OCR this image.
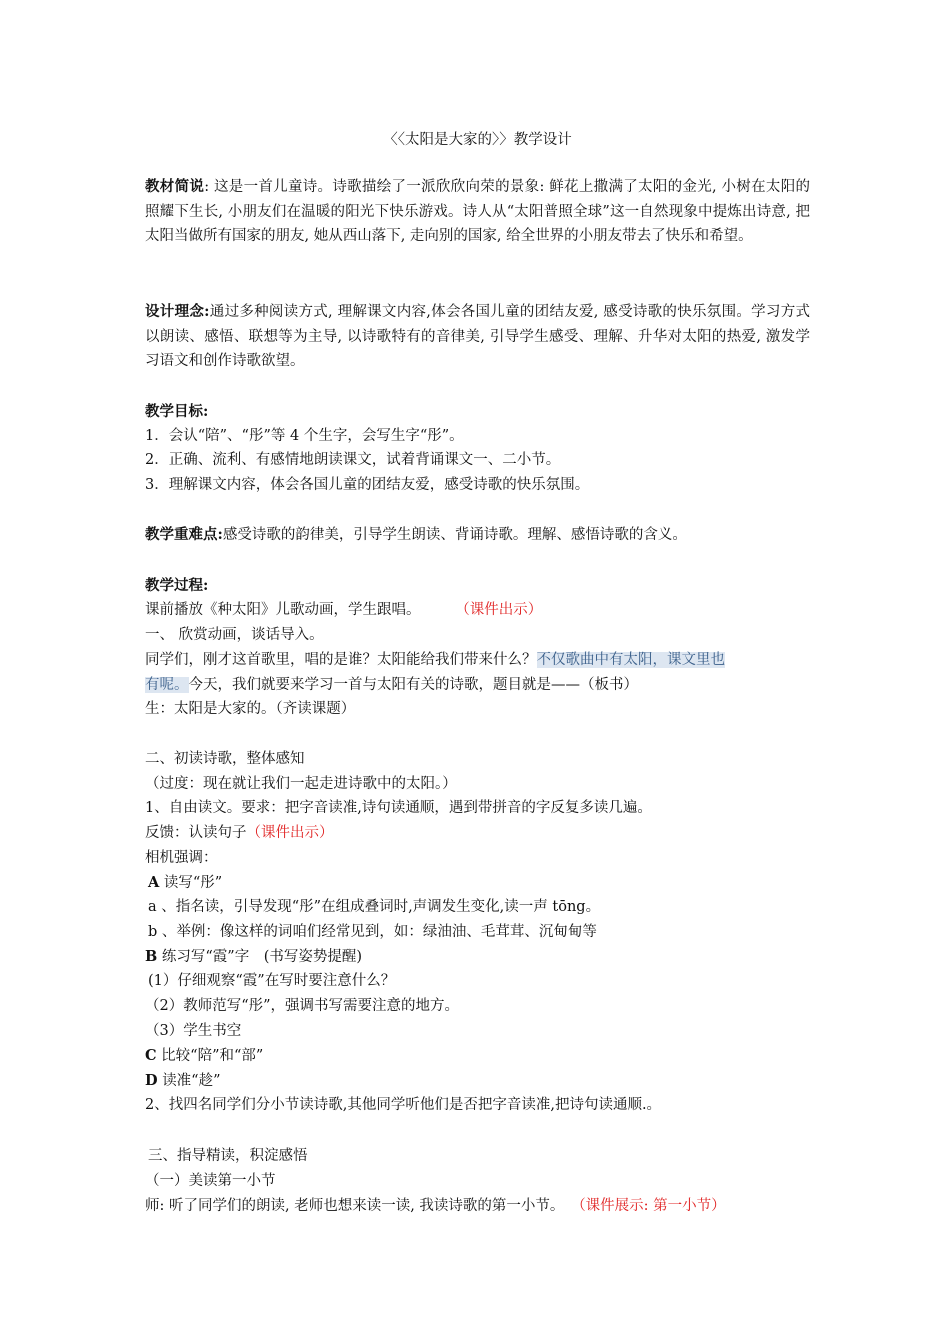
〈〈太阳是大家的〉〉教学设计
教材简说: 这是一首儿童诗。诗歌描绘了一派欣欣向荣的景象: 鲜花上撒满了太阳的金光, 小树在太阳的照耀下生长, 小朋友们在温暖的阳光下快乐游戏。诗人从“太阳普照全球”这一自然现象中提炼出诗意, 把太阳当做所有国家的朋友, 她从西山落下, 走向别的国家, 给全世界的小朋友带去了快乐和希望。
设计理念:通过多种阅读方式, 理解课文内容,体会各国儿童的团结友爱, 感受诗歌的快乐氛围。学习方式以朗读、感悟、联想等为主导, 以诗歌特有的音律美, 引导学生感受、理解、升华对太阳的热爱, 激发学习语文和创作诗歌欲望。
教学目标:
1．会认“陪”、“彤”等 4 个生字，会写生字“彤”。
2．正确、流利、有感情地朗读课文，试着背诵课文一、二小节。
3．理解课文内容，体会各国儿童的团结友爱，感受诗歌的快乐氛围。
教学重难点:感受诗歌的韵律美，引导学生朗读、背诵诗歌。理解、感悟诗歌的含义。
教学过程:
课前播放《种太阳》儿歌动画，学生跟唱。	（课件出示）
一、 欣赏动画，谈话导入。
同学们，刚才这首歌里，唱的是谁？太阳能给我们带来什么？不仅歌曲中有太阳，课文里也
有呢。今天，我们就要来学习一首与太阳有关的诗歌，题目就是——（板书）
生：太阳是大家的。（齐读课题）
二、初读诗歌，整体感知
（过度：现在就让我们一起走进诗歌中的太阳。）
1、自由读文。要求：把字音读准,诗句读通顺，遇到带拼音的字反复多读几遍。
反馈：认读句子（课件出示）
相机强调：
A 读写“彤”
a 、指名读，引导发现“彤”在组成叠词时,声调发生变化,读一声 tōng。
b 、举例：像这样的词咱们经常见到，如：绿油油、毛茸茸、沉甸甸等
B 练习写“霞”字　(书写姿势提醒)
(1）仔细观察“霞”在写时要注意什么？
（2）教师范写“彤”，强调书写需要注意的地方。
（3）学生书空
C 比较“陪”和“部”
D 读准“趁”
2、找四名同学们分小节读诗歌,其他同学听他们是否把字音读准,把诗句读通顺.。
三、指导精读，积淀感悟
（一）美读第一小节
师: 听了同学们的朗读, 老师也想来读一读, 我读诗歌的第一小节。 （课件展示: 第一小节）
